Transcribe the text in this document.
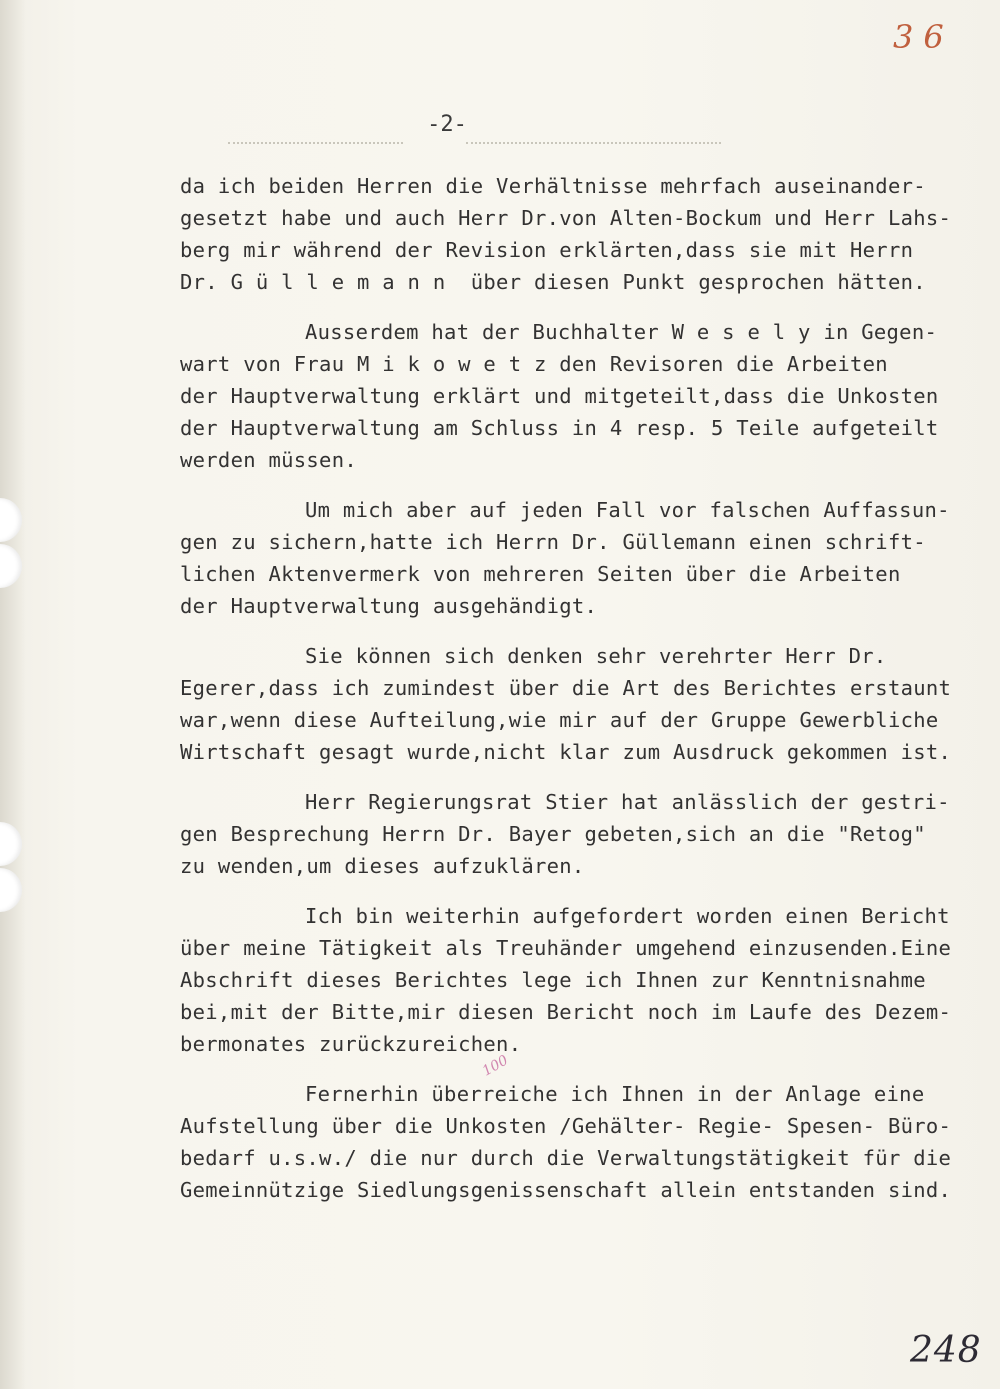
36
-2-

da ich beiden Herren die Verhältnisse mehrfach auseinander-
gesetzt habe und auch Herr Dr.von Alten-Bockum und Herr Lahs-
berg mir während der Revision erklärten,dass sie mit Herrn
Dr. G ü l l e m a n n  über diesen Punkt gesprochen hätten.

Ausserdem hat der Buchhalter W e s e l y in Gegen-
wart von Frau M i k o w e t z den Revisoren die Arbeiten
der Hauptverwaltung erklärt und mitgeteilt,dass die Unkosten
der Hauptverwaltung am Schluss in 4 resp. 5 Teile aufgeteilt
werden müssen.

Um mich aber auf jeden Fall vor falschen Auffassun-
gen zu sichern,hatte ich Herrn Dr. Güllemann einen schrift-
lichen Aktenvermerk von mehreren Seiten über die Arbeiten
der Hauptverwaltung ausgehändigt.

Sie können sich denken sehr verehrter Herr Dr.
Egerer,dass ich zumindest über die Art des Berichtes erstaunt
war,wenn diese Aufteilung,wie mir auf der Gruppe Gewerbliche
Wirtschaft gesagt wurde,nicht klar zum Ausdruck gekommen ist.

Herr Regierungsrat Stier hat anlässlich der gestri-
gen Besprechung Herrn Dr. Bayer gebeten,sich an die "Retog"
zu wenden,um dieses aufzuklären.

Ich bin weiterhin aufgefordert worden einen Bericht
über meine Tätigkeit als Treuhänder umgehend einzusenden.Eine
Abschrift dieses Berichtes lege ich Ihnen zur Kenntnisnahme
bei,mit der Bitte,mir diesen Bericht noch im Laufe des Dezem-
bermonates zurückzureichen.

Fernerhin überreiche ich Ihnen in der Anlage eine
Aufstellung über die Unkosten /Gehälter- Regie- Spesen- Büro-
bedarf u.s.w./ die nur durch die Verwaltungstätigkeit für die
Gemeinnützige Siedlungsgenissenschaft allein entstanden sind.

100
248
